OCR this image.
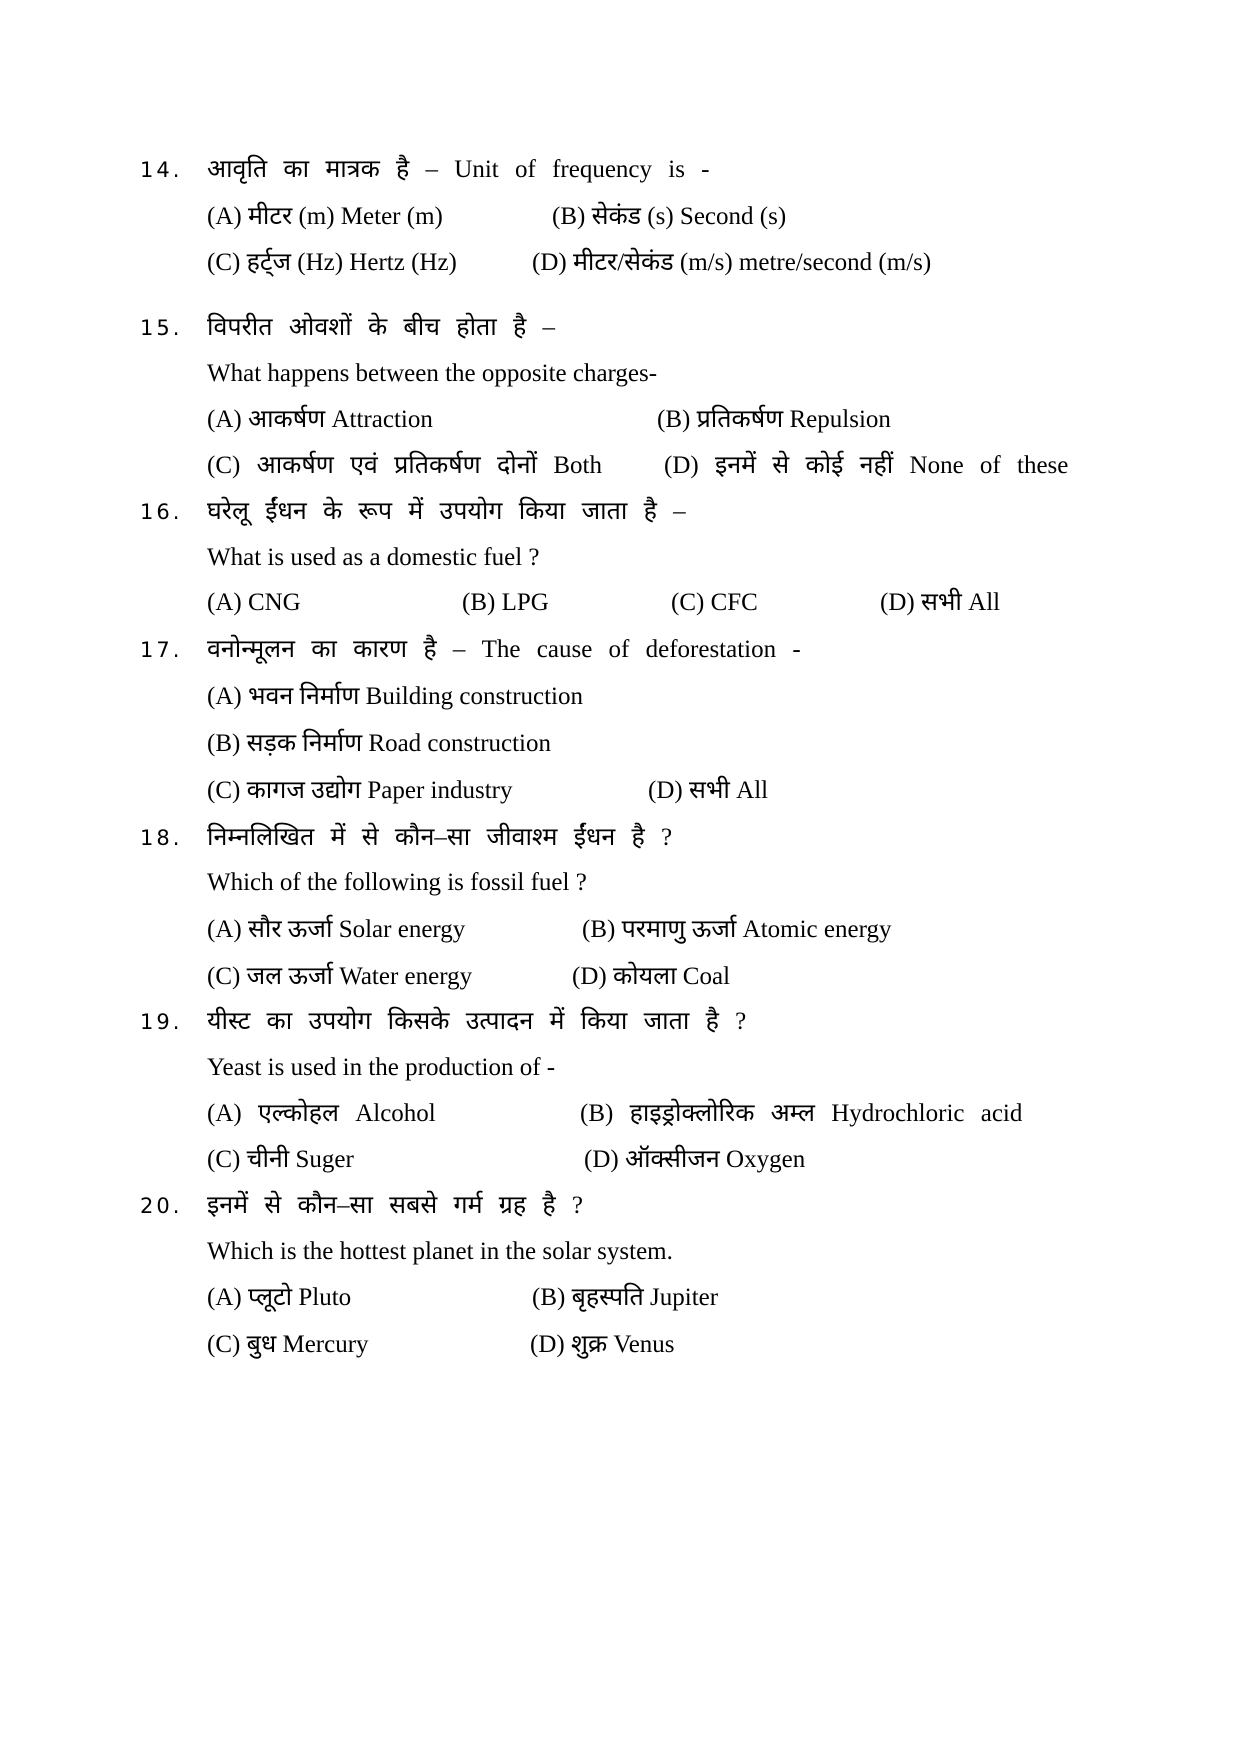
14. आवृति का मात्रक है – Unit of frequency is -
(A) मीटर (m) Meter (m)	(B) सेकंड (s) Second (s)
(C) हर्ट्ज (Hz) Hertz (Hz)	(D) मीटर/सेकंड (m/s) metre/second (m/s)
15. विपरीत ओवशों के बीच होता है –
What happens between the opposite charges-
(A) आकर्षण Attraction	(B) प्रतिकर्षण Repulsion
(C) आकर्षण एवं प्रतिकर्षण दोनों Both (D) इनमें से कोई नहीं None of these
16. घरेलू ईंधन के रूप में उपयोग किया जाता है –
What is used as a domestic fuel ?
(A) CNG	(B) LPG	(C) CFC	(D) सभी All
17. वनोन्मूलन का कारण है – The cause of deforestation -
(A) भवन निर्माण Building construction
(B) सड़क निर्माण Road construction
(C) कागज उद्योग Paper industry	(D) सभी All
18. निम्नलिखित में से कौन–सा जीवाश्म ईंधन है ?
Which of the following is fossil fuel ?
(A) सौर ऊर्जा Solar energy	(B) परमाणु ऊर्जा Atomic energy
(C) जल ऊर्जा Water energy	(D) कोयला Coal
19. यीस्ट का उपयोग किसके उत्पादन में किया जाता है ?
Yeast is used in the production of -
(A) एल्कोहल Alcohol	(B) हाइड्रोक्लोरिक अम्ल Hydrochloric acid
(C) चीनी Suger	(D) ऑक्सीजन Oxygen
20. इनमें से कौन–सा सबसे गर्म ग्रह है ?
Which is the hottest planet in the solar system.
(A) प्लूटो Pluto	(B) बृहस्पति Jupiter
(C) बुध Mercury	(D) शुक्र Venus
